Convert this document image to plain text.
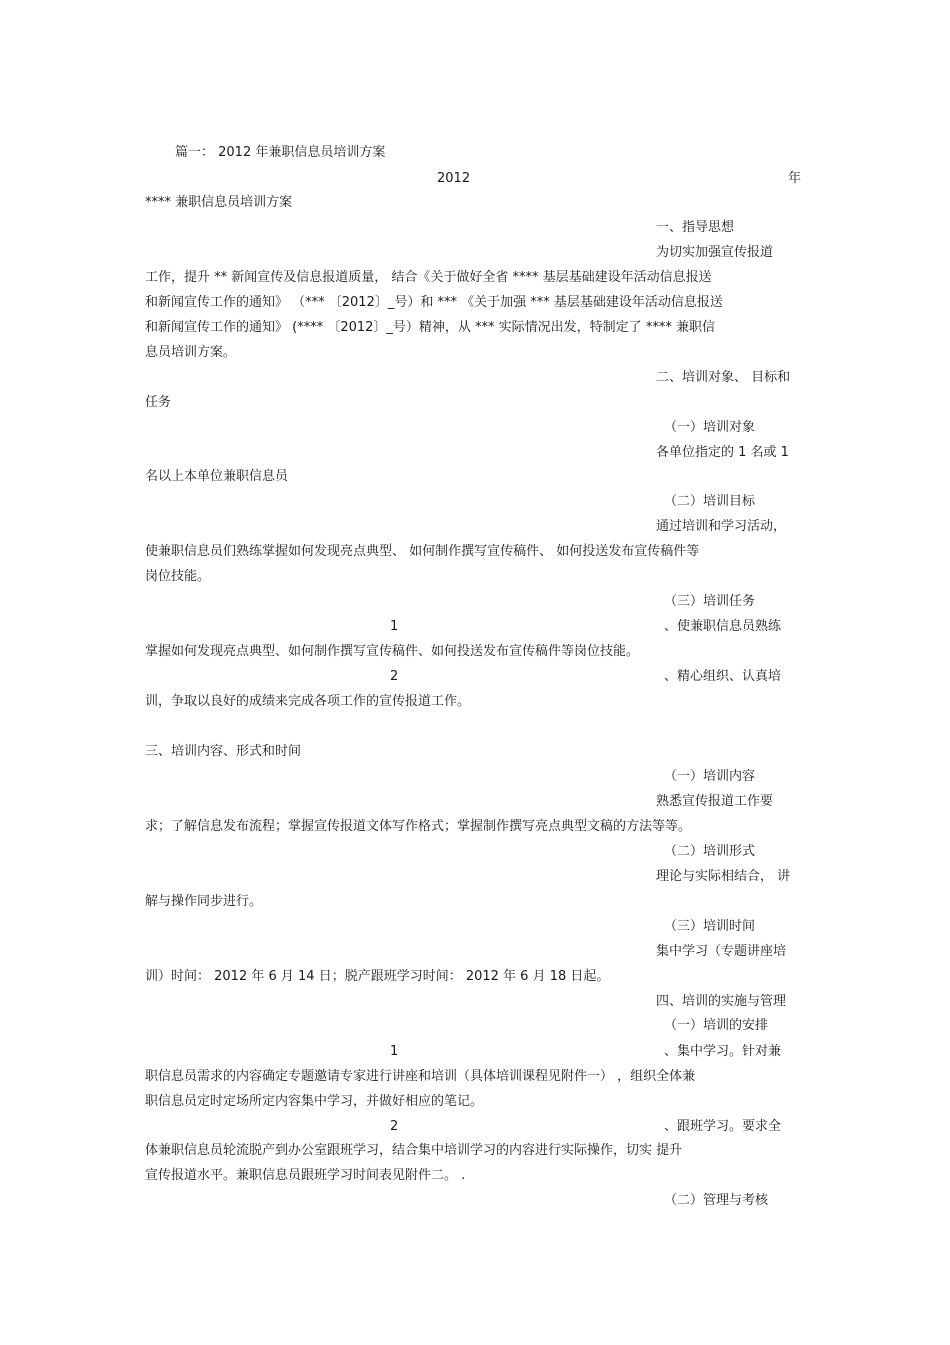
篇一： 2012 年兼职信息员培训方案
2012	年
**** 兼职信息员培训方案
一、指导思想
为切实加强宣传报道
工作，提升 ** 新闻宣传及信息报道质量， 结合《关于做好全省 **** 基层基础建设年活动信息报送
和新闻宣传工作的通知》 （*** 〔2012〕_号）和 *** 《关于加强 *** 基层基础建设年活动信息报送
和新闻宣传工作的通知》 (**** 〔2012〕_号）精神，从 *** 实际情况出发，特制定了 **** 兼职信
息员培训方案。
二、培训对象、 目标和
任务
（一）培训对象
各单位指定的 1 名或 1
名以上本单位兼职信息员
（二）培训目标
通过培训和学习活动，
使兼职信息员们熟练掌握如何发现亮点典型、 如何制作撰写宣传稿件、 如何投送发布宣传稿件等
岗位技能。
（三）培训任务
1	、使兼职信息员熟练
掌握如何发现亮点典型、如何制作撰写宣传稿件、如何投送发布宣传稿件等岗位技能。
2	、精心组织、认真培
训，争取以良好的成绩来完成各项工作的宣传报道工作。
三、培训内容、形式和时间
（一）培训内容
熟悉宣传报道工作要
求；了解信息发布流程；掌握宣传报道文体写作格式；掌握制作撰写亮点典型文稿的方法等等。
（二）培训形式
理论与实际相结合， 讲
解与操作同步进行。
（三）培训时间
集中学习（专题讲座培
训）时间： 2012 年 6 月 14 日；脱产跟班学习时间： 2012 年 6 月 18 日起。
四、培训的实施与管理
（一）培训的安排
1	、集中学习。针对兼
职信息员需求的内容确定专题邀请专家进行讲座和培训（具体培训课程见附件一） ，组织全体兼
职信息员定时定场所定内容集中学习，并做好相应的笔记。
2	、跟班学习。要求全
体兼职信息员轮流脱产到办公室跟班学习，结合集中培训学习的内容进行实际操作，切实 提升
宣传报道水平。兼职信息员跟班学习时间表见附件二。 .
（二）管理与考核
